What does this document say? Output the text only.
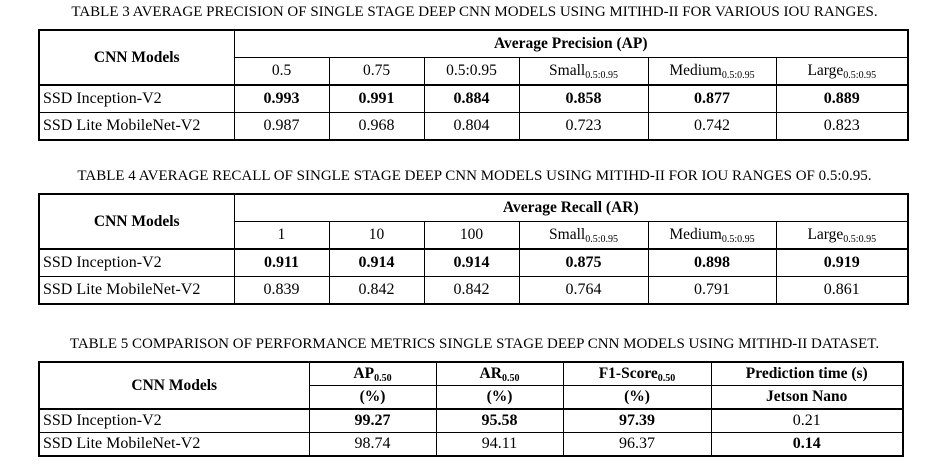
TABLE 3 AVERAGE PRECISION OF SINGLE STAGE DEEP CNN MODELS USING MITIHD-II FOR VARIOUS IOU RANGES.
CNN Models	Average Precision (AP)					
	0.5	0.75	0.5:0.95	Small0.5:0.95	Medium0.5:0.95	Large0.5:0.95
SSD Inception-V2	0.993	0.991	0.884	0.858	0.877	0.889
SSD Lite MobileNet-V2	0.987	0.968	0.804	0.723	0.742	0.823
TABLE 4 AVERAGE RECALL OF SINGLE STAGE DEEP CNN MODELS USING MITIHD-II FOR IOU RANGES OF 0.5:0.95.
CNN Models	Average Recall (AR)					
	1	10	100	Small0.5:0.95	Medium0.5:0.95	Large0.5:0.95
SSD Inception-V2	0.911	0.914	0.914	0.875	0.898	0.919
SSD Lite MobileNet-V2	0.839	0.842	0.842	0.764	0.791	0.861
TABLE 5 COMPARISON OF PERFORMANCE METRICS SINGLE STAGE DEEP CNN MODELS USING MITIHD-II DATASET.
CNN Models	AP0.50	AR0.50	F1-Score0.50	Prediction time (s)
	(%)	(%)	(%)	Jetson Nano
SSD Inception-V2	99.27	95.58	97.39	0.21
SSD Lite MobileNet-V2	98.74	94.11	96.37	0.14
